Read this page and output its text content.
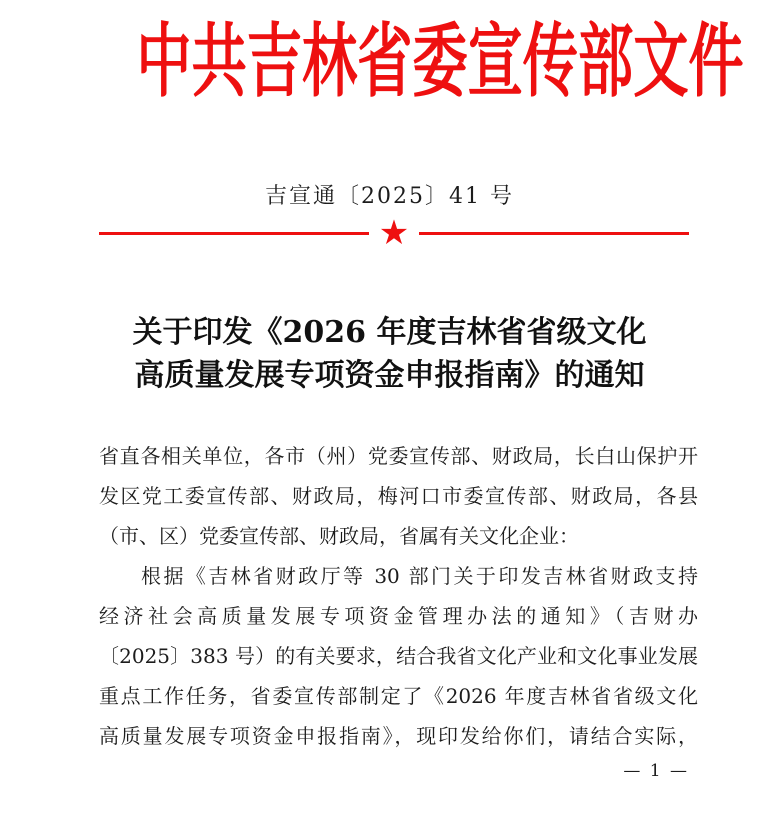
中共吉林省委宣传部文件
吉宣通〔2025〕41 号
★
关于印发《2026 年度吉林省省级文化
高质量发展专项资金申报指南》的通知
省直各相关单位，各市（州）党委宣传部、财政局，长白山保护开
发区党工委宣传部、财政局，梅河口市委宣传部、财政局，各县
（市、区）党委宣传部、财政局，省属有关文化企业：
根据《吉林省财政厅等 30 部门关于印发吉林省财政支持
经济社会高质量发展专项资金管理办法的通知》（吉财办
〔2025〕383 号）的有关要求，结合我省文化产业和文化事业发展
重点工作任务，省委宣传部制定了《2026 年度吉林省省级文化
高质量发展专项资金申报指南》，现印发给你们，请结合实际，
— 1 —
